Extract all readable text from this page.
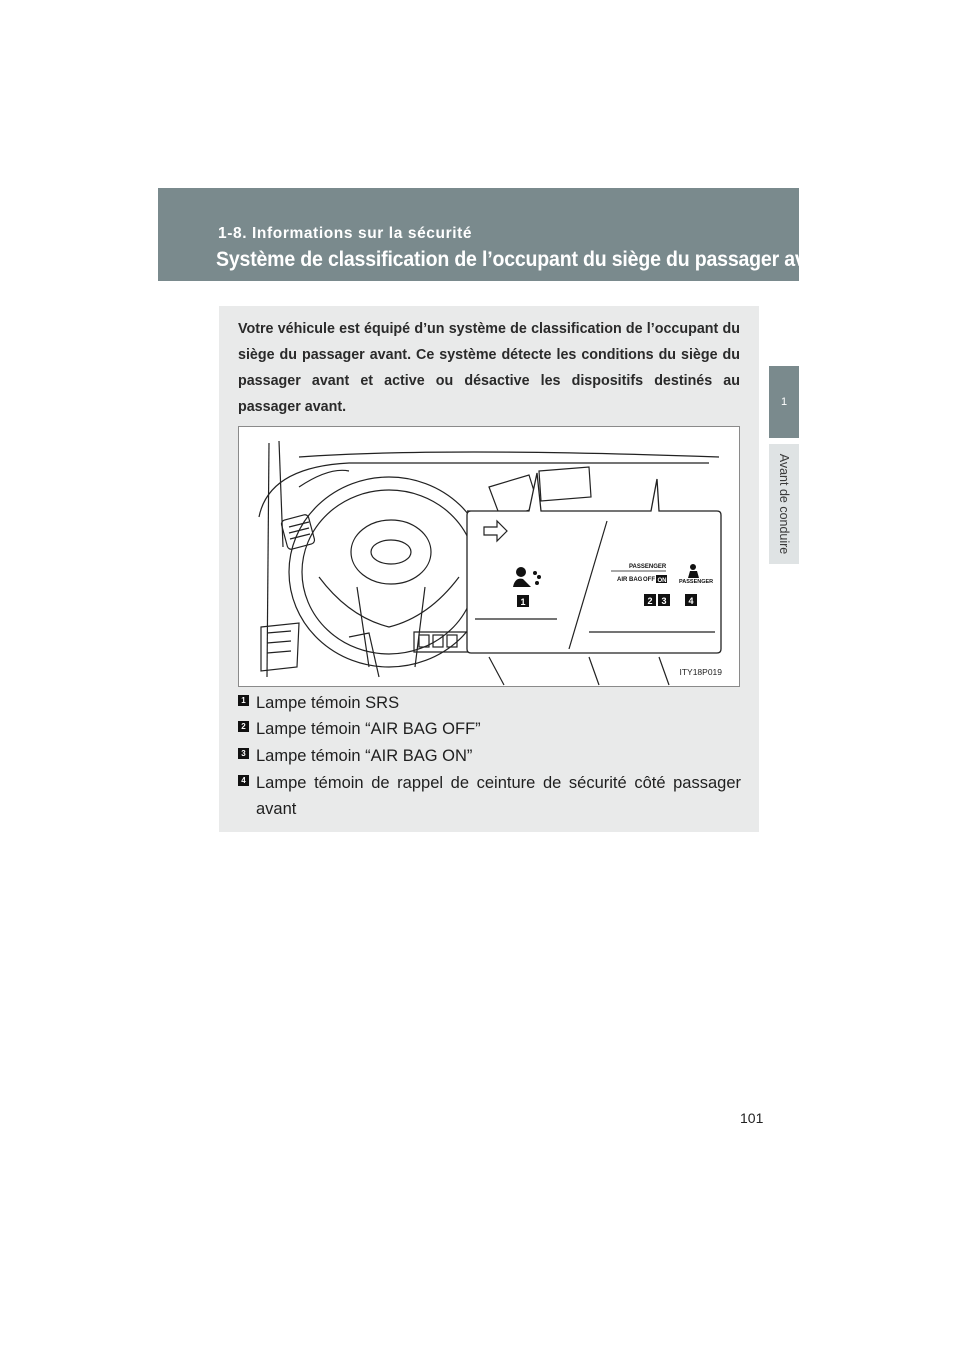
1-8. Informations sur la sécurité
Système de classification de l’occupant du siège du passager avant
1
Avant de conduire
Votre véhicule est équipé d’un système de classification de l’occupant du siège du passager avant. Ce système détecte les conditions du siège du passager avant et active ou désactive les dispositifs destinés au passager avant.
1
PASSENGER
AIR BAG OFF ON PASSENGER
2 3 4
ITY18P019
1 Lampe témoin SRS
2 Lampe témoin “AIR BAG OFF”
3 Lampe témoin “AIR BAG ON”
4 Lampe témoin de rappel de ceinture de sécurité côté passager avant
101
